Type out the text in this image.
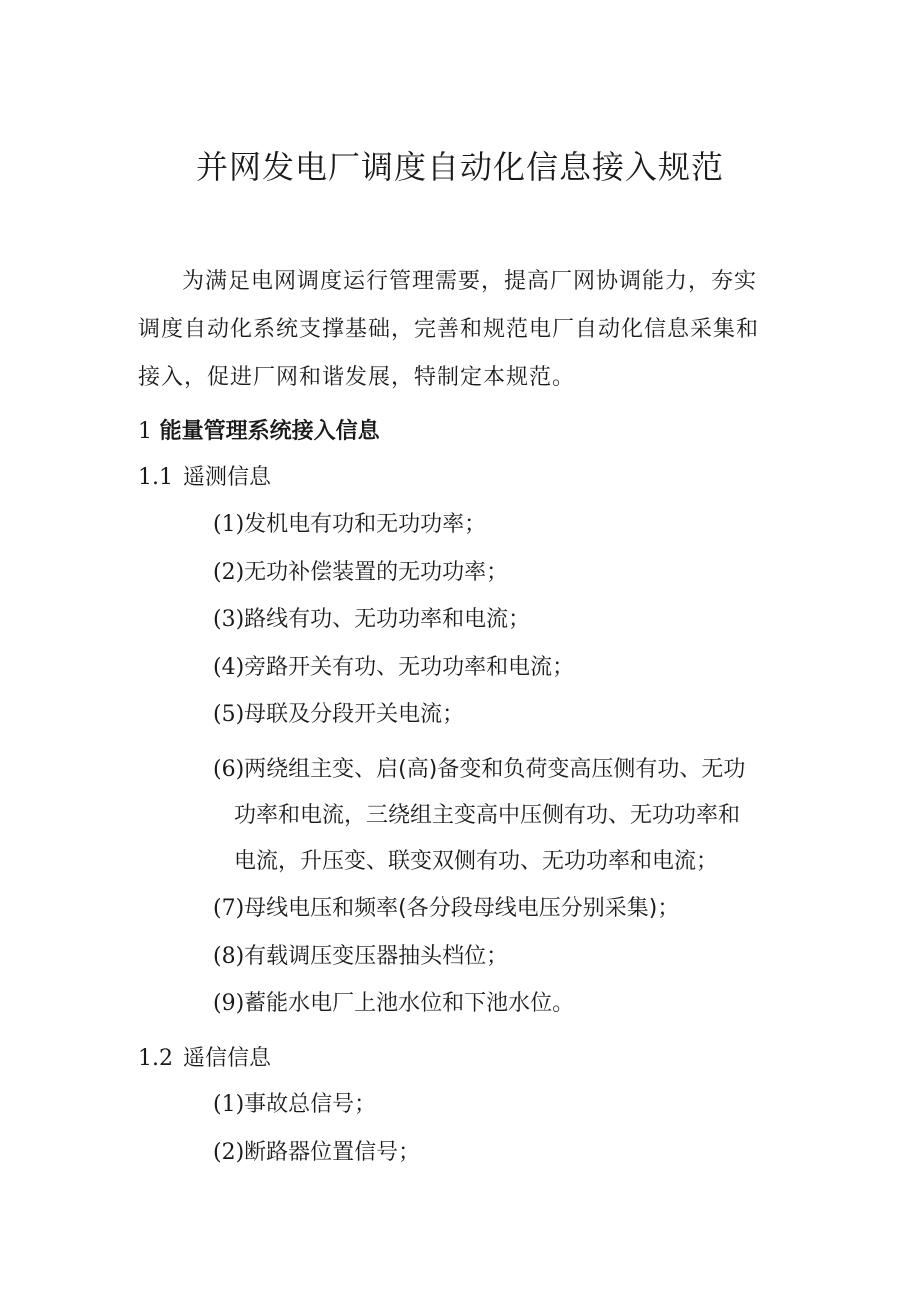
并网发电厂调度自动化信息接入规范
为满足电网调度运行管理需要，提高厂网协调能力，夯实调度自动化系统支撑基础，完善和规范电厂自动化信息采集和接入，促进厂网和谐发展，特制定本规范。
1 能量管理系统接入信息
1.1 遥测信息
(1)发机电有功和无功功率；
(2)无功补偿装置的无功功率；
(3)路线有功、无功功率和电流；
(4)旁路开关有功、无功功率和电流；
(5)母联及分段开关电流；
(6)两绕组主变、启(高)备变和负荷变高压侧有功、无功
功率和电流，三绕组主变高中压侧有功、无功功率和
电流，升压变、联变双侧有功、无功功率和电流；
(7)母线电压和频率(各分段母线电压分别采集)；
(8)有载调压变压器抽头档位；
(9)蓄能水电厂上池水位和下池水位。
1.2 遥信信息
(1)事故总信号；
(2)断路器位置信号；
